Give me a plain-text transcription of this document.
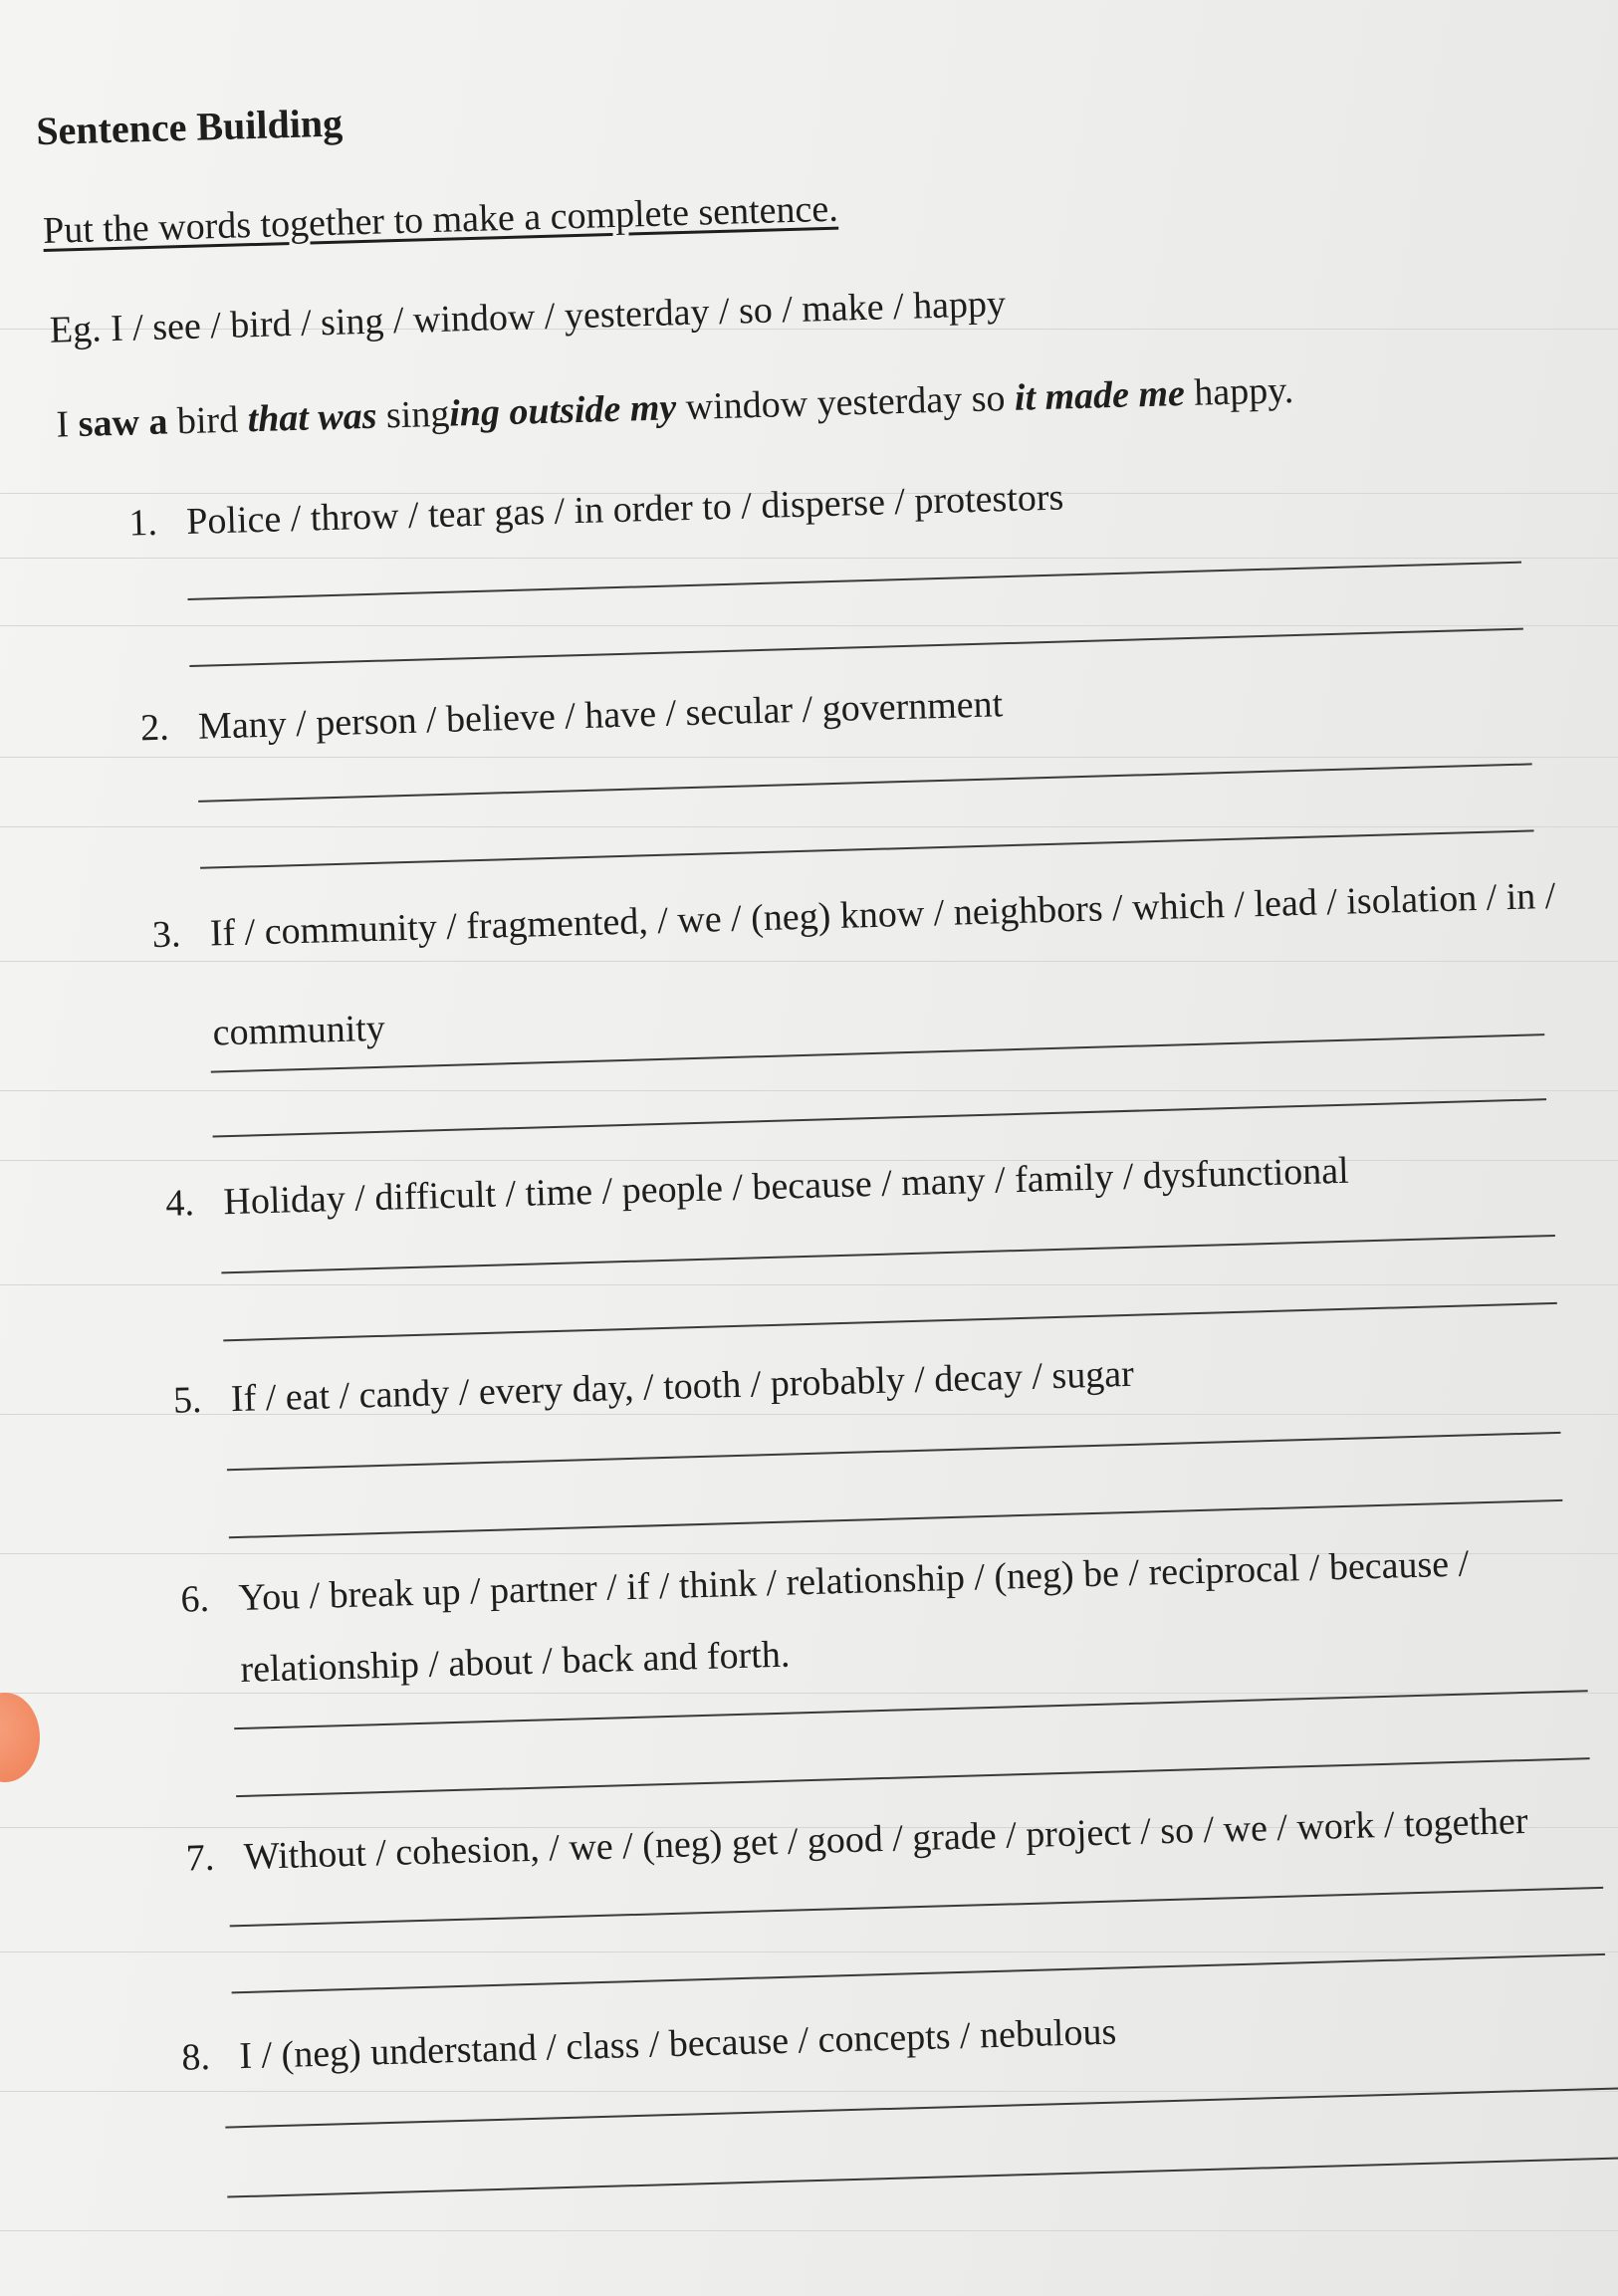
Sentence Building
Put the words together to make a complete sentence.
Eg. I / see / bird / sing / window / yesterday / so / make / happy
I saw a bird that was singing outside my window yesterday so it made me happy.
1. Police / throw / tear gas / in order to / disperse / protestors
2. Many / person / believe / have / secular / government
3. If / community / fragmented, / we / (neg) know / neighbors / which / lead / isolation / in /
community
4. Holiday / difficult / time / people / because / many / family / dysfunctional
5. If / eat / candy / every day, / tooth / probably / decay / sugar
6. You / break up / partner / if / think / relationship / (neg) be / reciprocal / because /
relationship / about / back and forth.
7. Without / cohesion, / we / (neg) get / good / grade / project / so / we / work / together
8. I / (neg) understand / class / because / concepts / nebulous
